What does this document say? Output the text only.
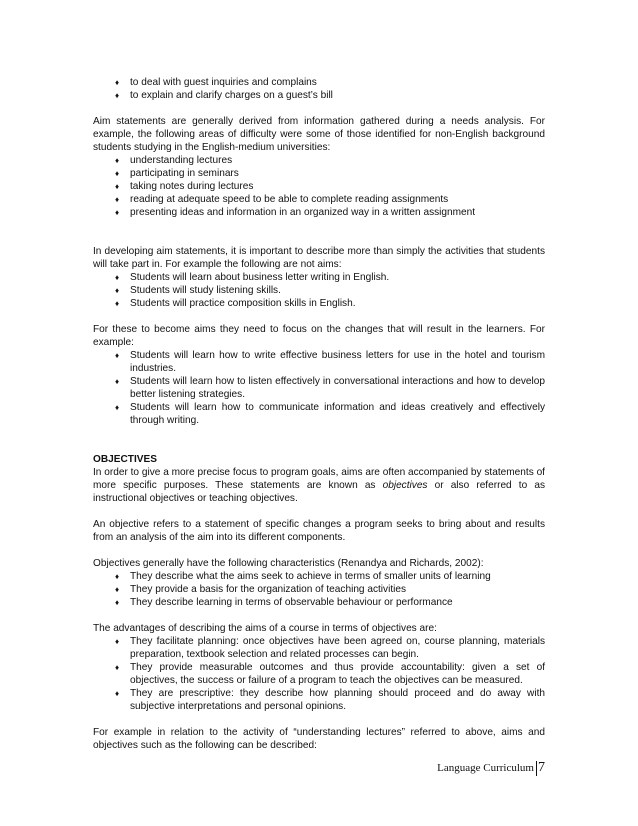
♦ to deal with guest inquiries and complains
♦ to explain and clarify charges on a guest’s bill

Aim statements are generally derived from information gathered during a needs analysis. For example, the following areas of difficulty were some of those identified for non-English background students studying in the English-medium universities:

♦ understanding lectures
♦ participating in seminars
♦ taking notes during lectures
♦ reading at adequate speed to be able to complete reading assignments
♦ presenting ideas and information in an organized way in a written assignment

In developing aim statements, it is important to describe more than simply the activities that students will take part in. For example the following are not aims:

♦ Students will learn about business letter writing in English.
♦ Students will study listening skills.
♦ Students will practice composition skills in English.

For these to become aims they need to focus on the changes that will result in the learners. For example:

♦ Students will learn how to write effective business letters for use in the hotel and tourism industries.
♦ Students will learn how to listen effectively in conversational interactions and how to develop better listening strategies.
♦ Students will learn how to communicate information and ideas creatively and effectively through writing.

OBJECTIVES

In order to give a more precise focus to program goals, aims are often accompanied by statements of more specific purposes. These statements are known as objectives or also referred to as instructional objectives or teaching objectives.

An objective refers to a statement of specific changes a program seeks to bring about and results from an analysis of the aim into its different components.

Objectives generally have the following characteristics (Renandya and Richards, 2002):

♦ They describe what the aims seek to achieve in terms of smaller units of learning
♦ They provide a basis for the organization of teaching activities
♦ They describe learning in terms of observable behaviour or performance

The advantages of describing the aims of a course in terms of objectives are:

♦ They facilitate planning: once objectives have been agreed on, course planning, materials preparation, textbook selection and related processes can begin.
♦ They provide measurable outcomes and thus provide accountability: given a set of objectives, the success or failure of a program to teach the objectives can be measured.
♦ They are prescriptive: they describe how planning should proceed and do away with subjective interpretations and personal opinions.

For example in relation to the activity of “understanding lectures” referred to above, aims and objectives such as the following can be described:

Language Curriculum 7
